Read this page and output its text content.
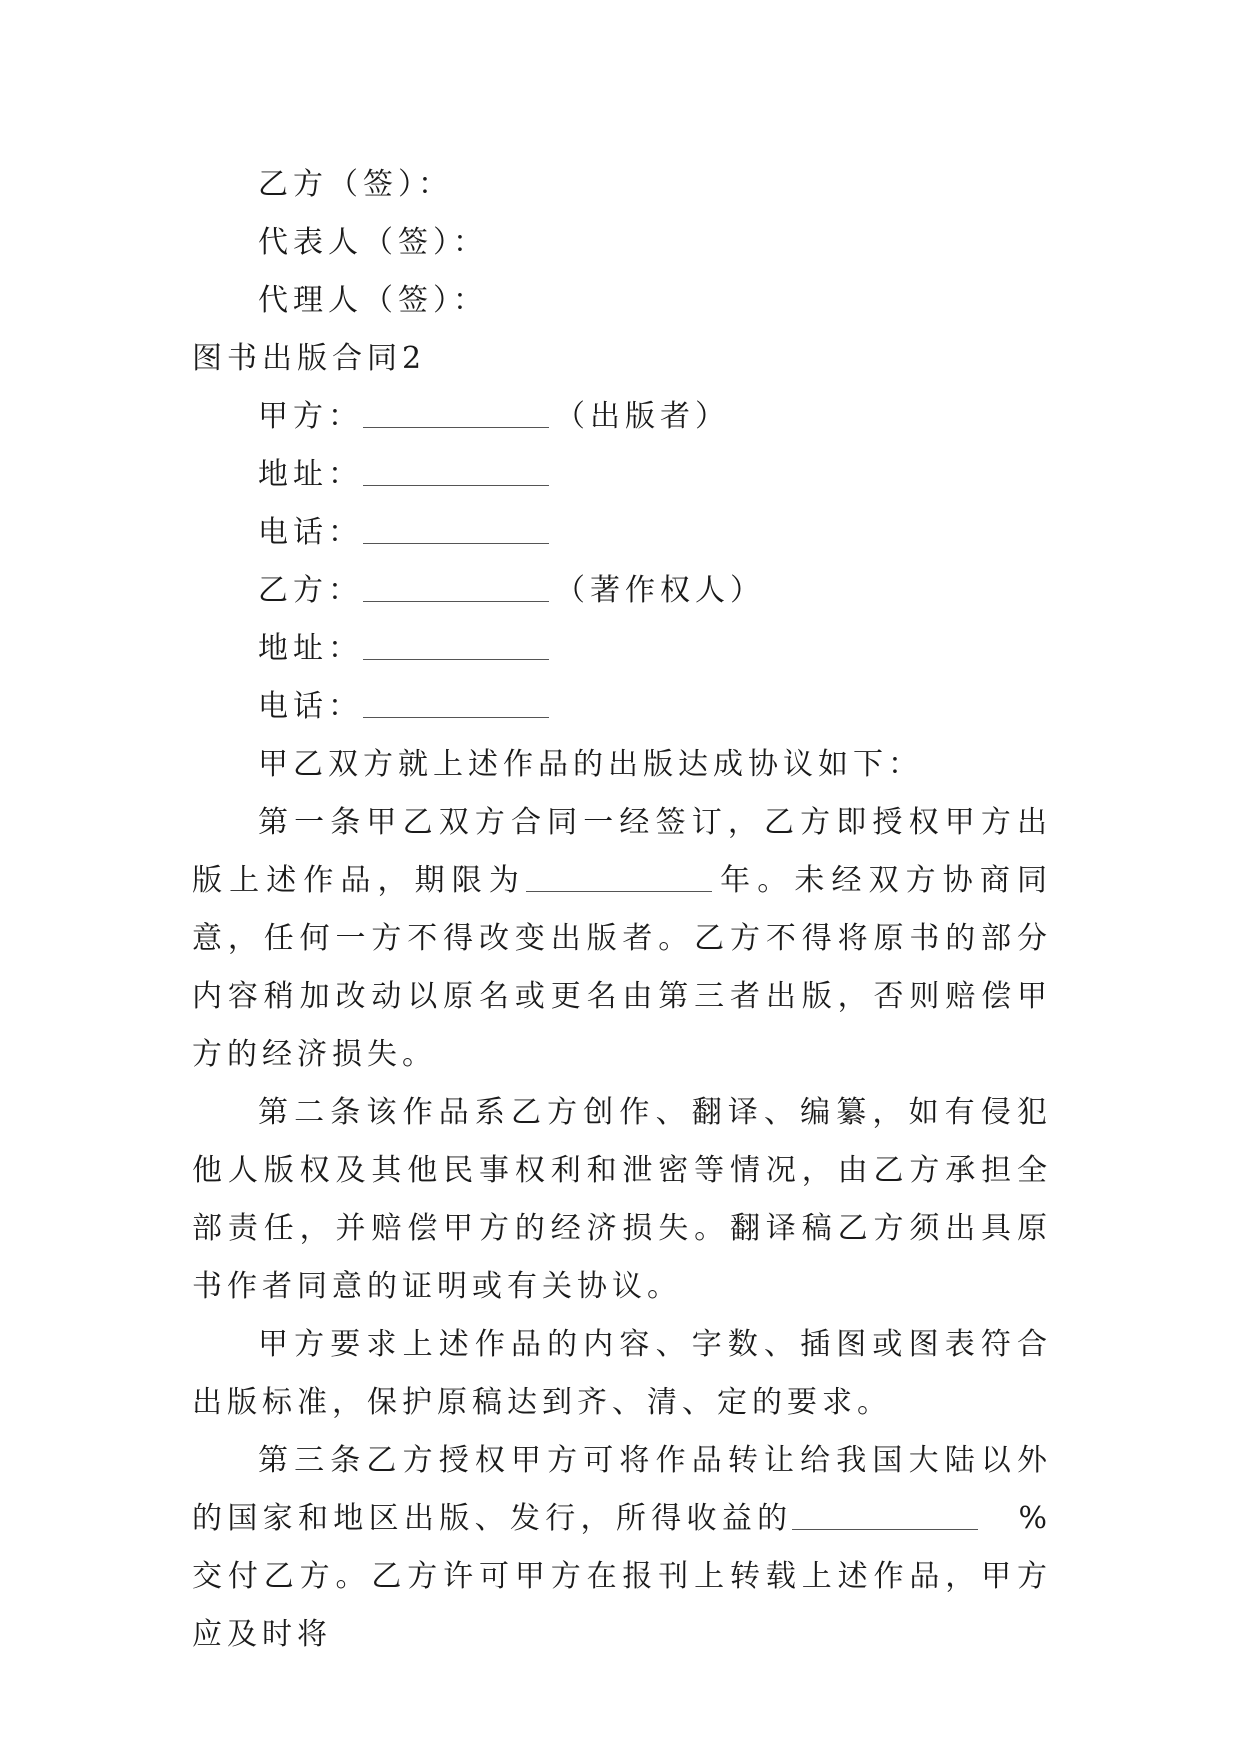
乙方（签）：
代表人（签）：
代理人（签）：
图书出版合同2
甲方：	（出版者）
地址：
电话：
乙方：	（著作权人）
地址：
电话：

甲乙双方就上述作品的出版达成协议如下：

第一条甲乙双方合同一经签订，乙方即授权甲方出版上述作品，期限为	年。未经双方协商同意，任何一方不得改变出版者。乙方不得将原书的部分内容稍加改动以原名或更名由第三者出版，否则赔偿甲方的经济损失。

第二条该作品系乙方创作、翻译、编纂，如有侵犯他人版权及其他民事权利和泄密等情况，由乙方承担全部责任，并赔偿甲方的经济损失。翻译稿乙方须出具原书作者同意的证明或有关协议。

甲方要求上述作品的内容、字数、插图或图表符合出版标准，保护原稿达到齐、清、定的要求。

第三条乙方授权甲方可将作品转让给我国大陆以外的国家和地区出版、发行，所得收益的	%交付乙方。乙方许可甲方在报刊上转载上述作品，甲方应及时将
